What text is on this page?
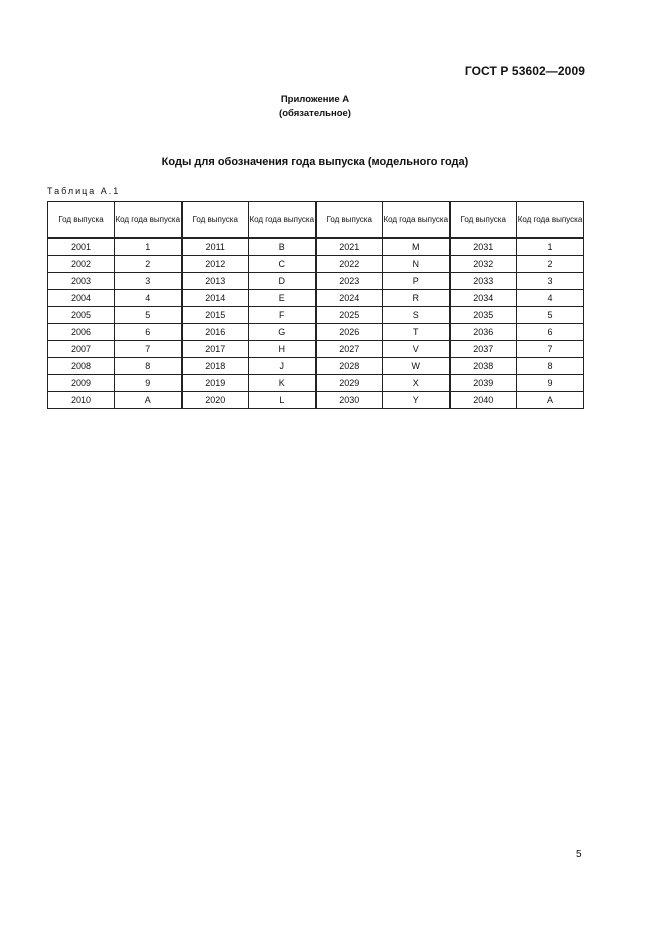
ГОСТ Р 53602—2009
Приложение А
(обязательное)
Коды для обозначения года выпуска (модельного года)
Таблица А.1
Год выпуска	Код года выпуска	Год выпуска	Код года выпуска	Год выпуска	Код года выпуска	Год выпуска	Код года выпуска
2001	1	2011	B	2021	M	2031	1
2002	2	2012	C	2022	N	2032	2
2003	3	2013	D	2023	P	2033	3
2004	4	2014	E	2024	R	2034	4
2005	5	2015	F	2025	S	2035	5
2006	6	2016	G	2026	T	2036	6
2007	7	2017	H	2027	V	2037	7
2008	8	2018	J	2028	W	2038	8
2009	9	2019	K	2029	X	2039	9
2010	A	2020	L	2030	Y	2040	A
5
